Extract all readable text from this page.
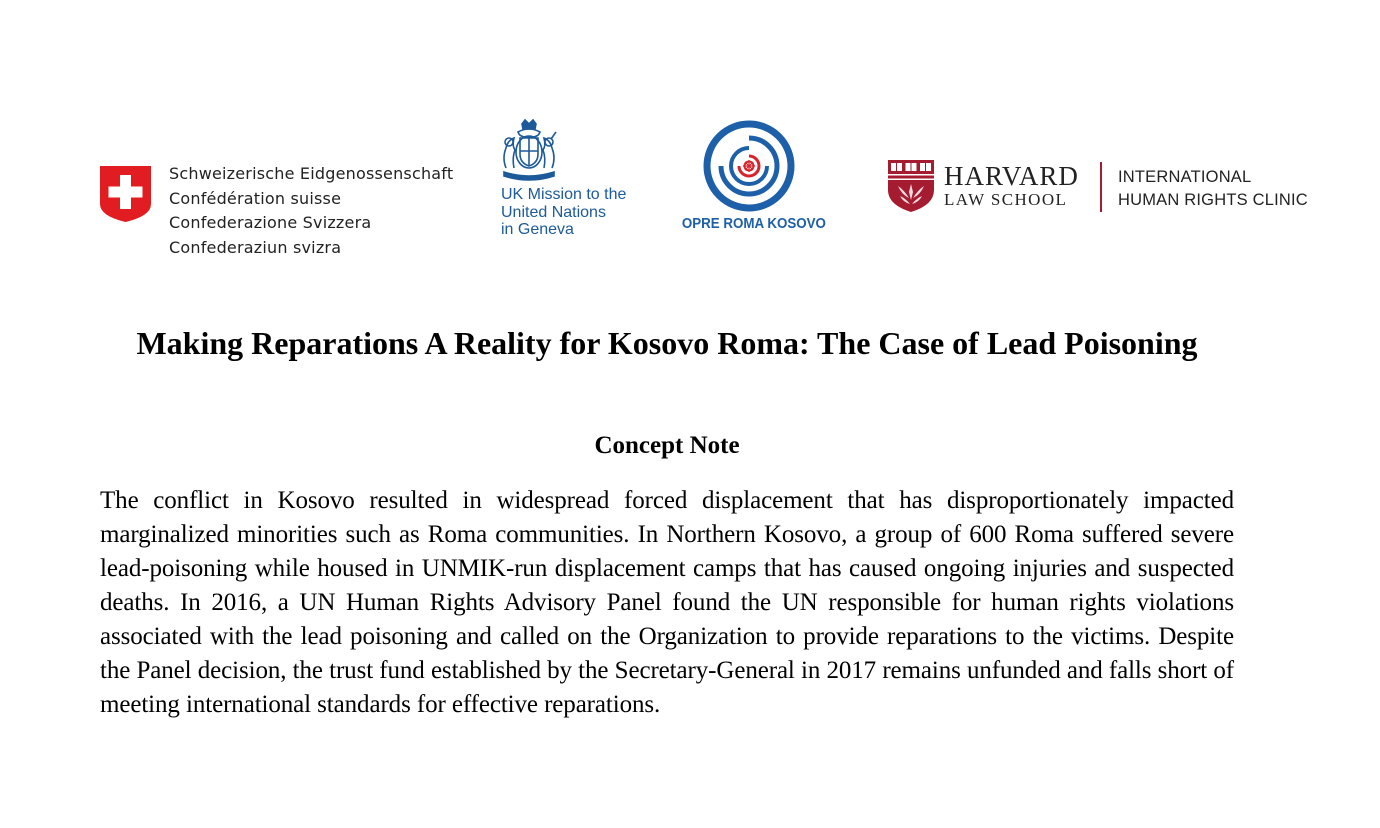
Schweizerische Eidgenossenschaft
Confédération suisse
Confederazione Svizzera
Confederaziun svizra
UK Mission to the
United Nations
in Geneva	OPRE ROMA KOSOVO
HARVARD
LAW SCHOOL
INTERNATIONAL
HUMAN RIGHTS CLINIC
Making Reparations A Reality for Kosovo Roma: The Case of Lead Poisoning
Concept Note

The conflict in Kosovo resulted in widespread forced displacement that has disproportionately impacted marginalized minorities such as Roma communities. In Northern Kosovo, a group of 600 Roma suffered severe lead-poisoning while housed in UNMIK-run displacement camps that has caused ongoing injuries and suspected deaths. In 2016, a UN Human Rights Advisory Panel found the UN responsible for human rights violations associated with the lead poisoning and called on the Organization to provide reparations to the victims. Despite the Panel decision, the trust fund established by the Secretary-General in 2017 remains unfunded and falls short of meeting international standards for effective reparations.
